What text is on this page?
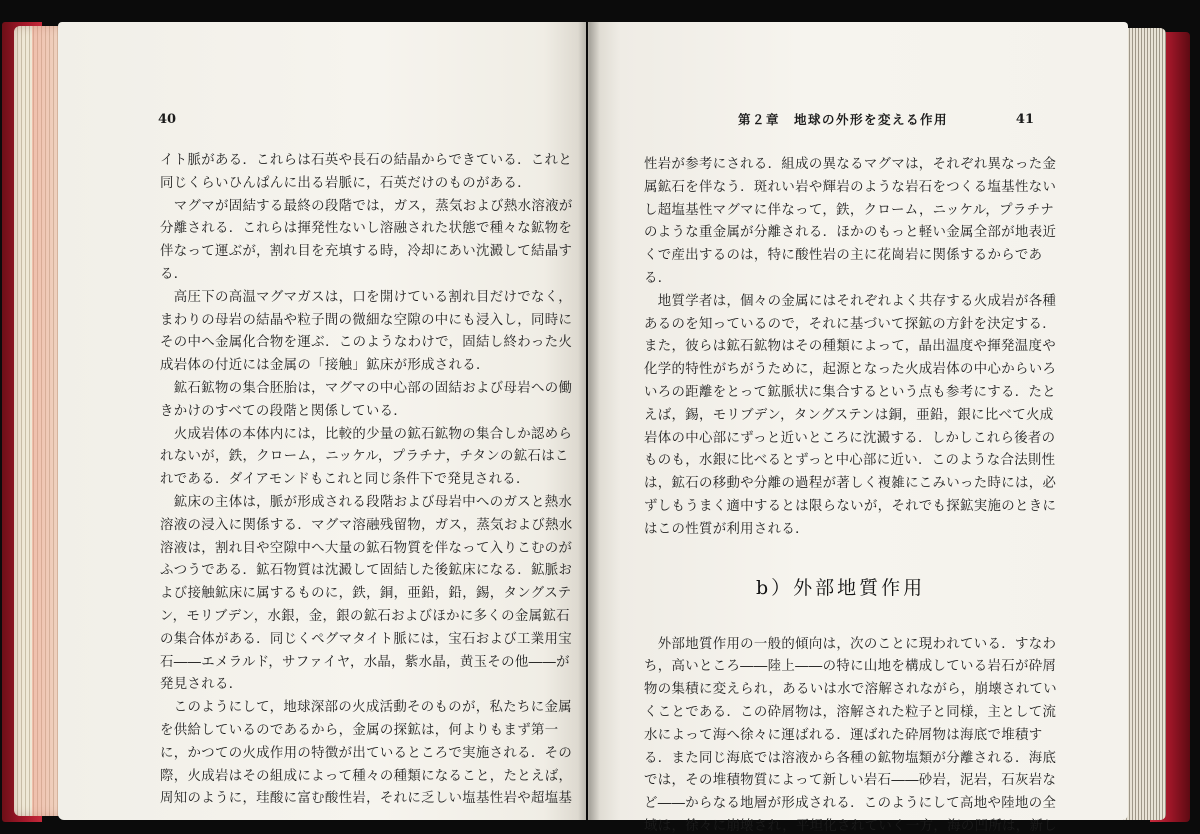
40
イト脈がある．これらは石英や長石の結晶からできている．これと
同じくらいひんぱんに出る岩脈に，石英だけのものがある．
　マグマが固結する最終の段階では，ガス，蒸気および熱水溶液が
分離される．これらは揮発性ないし溶融された状態で種々な鉱物を
伴なって運ぶが，割れ目を充填する時，冷却にあい沈澱して結晶す
る．
　高圧下の高温マグマガスは，口を開けている割れ目だけでなく，
まわりの母岩の結晶や粒子間の微細な空隙の中にも浸入し，同時に
その中へ金属化合物を運ぶ．このようなわけで，固結し終わった火
成岩体の付近には金属の「接触」鉱床が形成される．
　鉱石鉱物の集合胚胎は，マグマの中心部の固結および母岩への働
きかけのすべての段階と関係している．
　火成岩体の本体内には，比較的少量の鉱石鉱物の集合しか認めら
れないが，鉄，クローム，ニッケル，プラチナ，チタンの鉱石はこ
れである．ダイアモンドもこれと同じ条件下で発見される．
　鉱床の主体は，脈が形成される段階および母岩中へのガスと熱水
溶液の浸入に関係する．マグマ溶融残留物，ガス，蒸気および熱水
溶液は，割れ目や空隙中へ大量の鉱石物質を伴なって入りこむのが
ふつうである．鉱石物質は沈澱して固結した後鉱床になる．鉱脈お
よび接触鉱床に属するものに，鉄，銅，亜鉛，鉛，錫，タングステ
ン，モリブデン，水銀，金，銀の鉱石およびほかに多くの金属鉱石
の集合体がある．同じくペグマタイト脈には，宝石および工業用宝
石――エメラルド，サファイヤ，水晶，紫水晶，黄玉その他――が
発見される．
　このようにして，地球深部の火成活動そのものが，私たちに金属
を供給しているのであるから，金属の探鉱は，何よりもまず第一
に，かつての火成作用の特徴が出ているところで実施される．その
際，火成岩はその組成によって種々の種類になること，たとえば，
周知のように，珪酸に富む酸性岩，それに乏しい塩基性岩や超塩基
第２章　地球の外形を変える作用	41
性岩が参考にされる．組成の異なるマグマは，それぞれ異なった金
属鉱石を伴なう．斑れい岩や輝岩のような岩石をつくる塩基性ない
し超塩基性マグマに伴なって，鉄，クローム，ニッケル，プラチナ
のような重金属が分離される．ほかのもっと軽い金属全部が地表近
くで産出するのは，特に酸性岩の主に花崗岩に関係するからであ
る．
　地質学者は，個々の金属にはそれぞれよく共存する火成岩が各種
あるのを知っているので，それに基づいて探鉱の方針を決定する．
また，彼らは鉱石鉱物はその種類によって，晶出温度や揮発温度や
化学的特性がちがうために，起源となった火成岩体の中心からいろ
いろの距離をとって鉱脈状に集合するという点も参考にする．たと
えば，錫，モリブデン，タングステンは銅，亜鉛，銀に比べて火成
岩体の中心部にずっと近いところに沈澱する．しかしこれら後者の
ものも，水銀に比べるとずっと中心部に近い．このような合法則性
は，鉱石の移動や分離の過程が著しく複雑にこみいった時には，必
ずしもうまく適中するとは限らないが，それでも探鉱実施のときに
はこの性質が利用される．
b）外部地質作用
　外部地質作用の一般的傾向は，次のことに現われている．すなわ
ち，高いところ――陸上――の特に山地を構成している岩石が砕屑
物の集積に変えられ，あるいは水で溶解されながら，崩壊されてい
くことである．この砕屑物は，溶解された粒子と同様，主として流
水によって海へ徐々に運ばれる．運ばれた砕屑物は海底で堆積す
る．また同じ海底では溶液から各種の鉱物塩類が分離される．海底
では，その堆積物質によって新しい岩石――砂岩，泥岩，石灰岩な
ど――からなる地層が形成される．このようにして高地や陸地の全
域は，徐々に崩壊され，平坦化されていく一方，海の凹所は，新し
